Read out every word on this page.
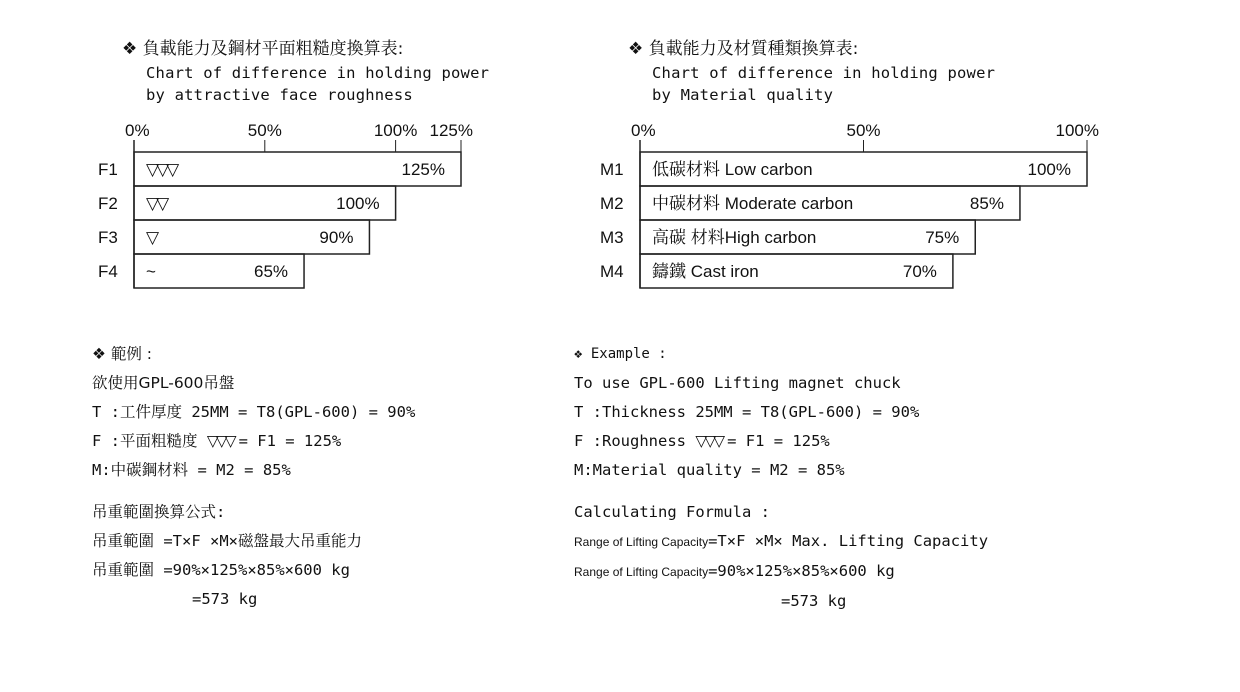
❖ 負載能力及鋼材平面粗糙度換算表:
Chart of difference in holding power
by attractive face roughness
❖ 負載能力及材質種類換算表:
Chart of difference in holding power
by Material quality
0%	50%	100% 125%
F1 ▽▽▽	125%
F2 ▽▽	100%
F3 ▽	90%
F4 ~	65%
0%	50%	100%
M1 低碳材料 Low carbon	100%
M2 中碳材料 Moderate carbon	85%
M3 高碳 材料High carbon	75%
M4 鑄鐵 Cast iron	70%
❖ 範例 :
欲使用GPL-600吊盤
T :工件厚度 25MM = T8(GPL-600) = 90%
F :平面粗糙度 ▽▽▽ = F1 = 125%
M:中碳鋼材料 = M2 = 85%
吊重範圍換算公式:
吊重範圍 =T×F ×M×磁盤最大吊重能力
吊重範圍 =90%×125%×85%×600 kg
=573 kg
❖ Example :
To use GPL-600 Lifting magnet chuck
T :Thickness 25MM = T8(GPL-600) = 90%
F :Roughness ▽▽▽ = F1 = 125%
M:Material quality = M2 = 85%
Calculating Formula :
Range of Lifting Capacity=T×F ×M× Max. Lifting Capacity
Range of Lifting Capacity=90%×125%×85%×600 kg
=573 kg
